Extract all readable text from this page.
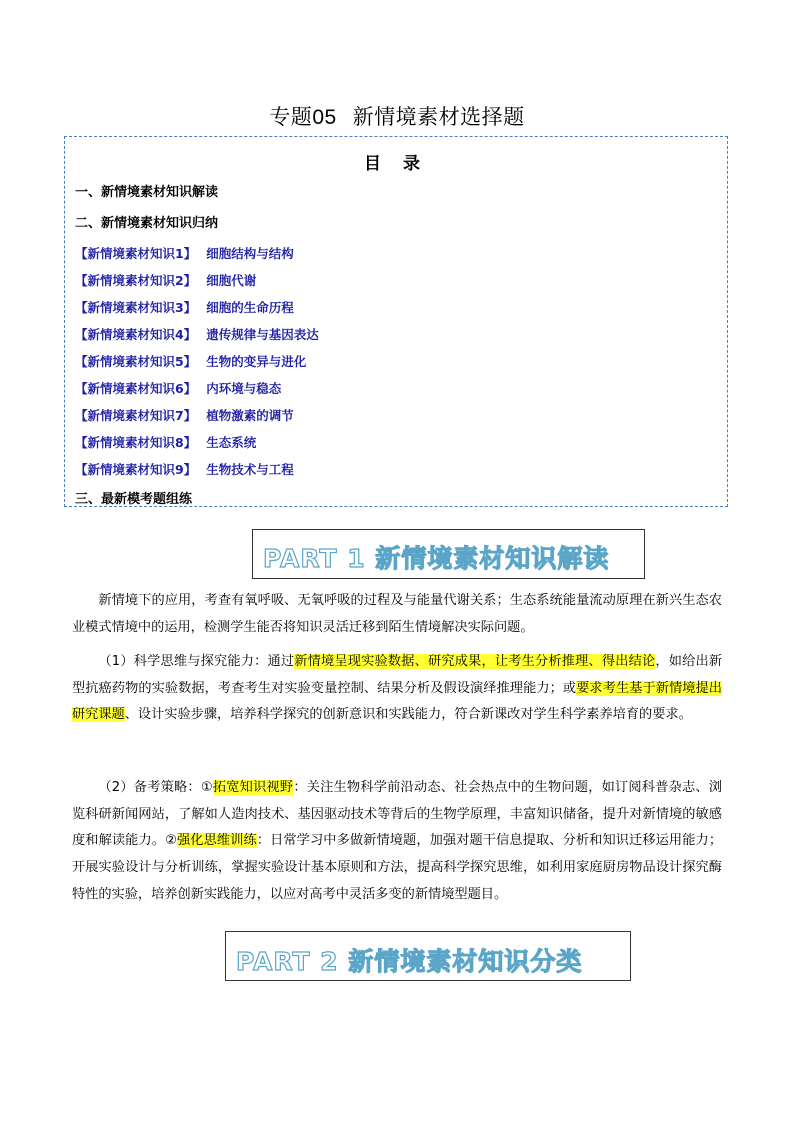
专题05 新情境素材选择题
目 录
一、新情境素材知识解读
二、新情境素材知识归纳
【新情境素材知识1】 细胞结构与结构
【新情境素材知识2】 细胞代谢
【新情境素材知识3】 细胞的生命历程
【新情境素材知识4】 遗传规律与基因表达
【新情境素材知识5】 生物的变异与进化
【新情境素材知识6】 内环境与稳态
【新情境素材知识7】 植物激素的调节
【新情境素材知识8】 生态系统
【新情境素材知识9】 生物技术与工程
三、最新模考题组练
PART 1 新情境素材知识解读
新情境下的应用，考查有氧呼吸、无氧呼吸的过程及与能量代谢关系；生态系统能量流动原理在新兴生态农业模式情境中的运用，检测学生能否将知识灵活迁移到陌生情境解决实际问题。
（1）科学思维与探究能力：通过新情境呈现实验数据、研究成果，让考生分析推理、得出结论，如给出新型抗癌药物的实验数据，考查考生对实验变量控制、结果分析及假设演绎推理能力；或要求考生基于新情境提出研究课题、设计实验步骤，培养科学探究的创新意识和实践能力，符合新课改对学生科学素养培育的要求。
（2）备考策略：①拓宽知识视野：关注生物科学前沿动态、社会热点中的生物问题，如订阅科普杂志、浏览科研新闻网站，了解如人造肉技术、基因驱动技术等背后的生物学原理，丰富知识储备，提升对新情境的敏感度和解读能力。②强化思维训练：日常学习中多做新情境题，加强对题干信息提取、分析和知识迁移运用能力；开展实验设计与分析训练，掌握实验设计基本原则和方法，提高科学探究思维，如利用家庭厨房物品设计探究酶特性的实验，培养创新实践能力，以应对高考中灵活多变的新情境型题目。
PART 2 新情境素材知识分类
